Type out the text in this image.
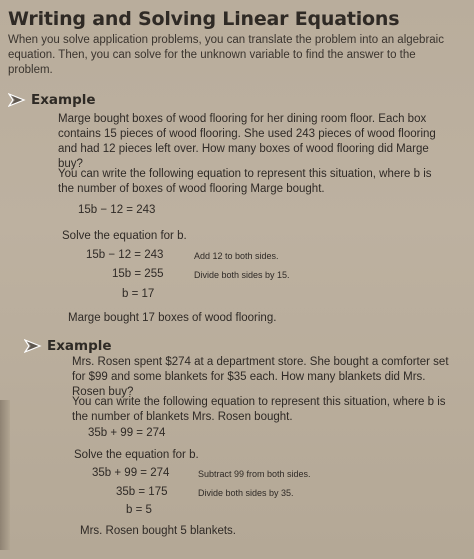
Writing and Solving Linear Equations

When you solve application problems, you can translate the problem into an algebraic equation. Then, you can solve for the unknown variable to find the answer to the problem.

Example

Marge bought boxes of wood flooring for her dining room floor. Each box contains 15 pieces of wood flooring. She used 243 pieces of wood flooring and had 12 pieces left over. How many boxes of wood flooring did Marge buy?

You can write the following equation to represent this situation, where b is the number of boxes of wood flooring Marge bought.

15b − 12 = 243
Solve the equation for b.
15b − 12 = 243	Add 12 to both sides.
15b = 255	Divide both sides by 15.
b = 17
Marge bought 17 boxes of wood flooring.
Example

Mrs. Rosen spent $274 at a department store. She bought a comforter set for $99 and some blankets for $35 each. How many blankets did Mrs. Rosen buy?

You can write the following equation to represent this situation, where b is the number of blankets Mrs. Rosen bought.

35b + 99 = 274
Solve the equation for b.
35b + 99 = 274	Subtract 99 from both sides.
35b = 175	Divide both sides by 35.
b = 5
Mrs. Rosen bought 5 blankets.
